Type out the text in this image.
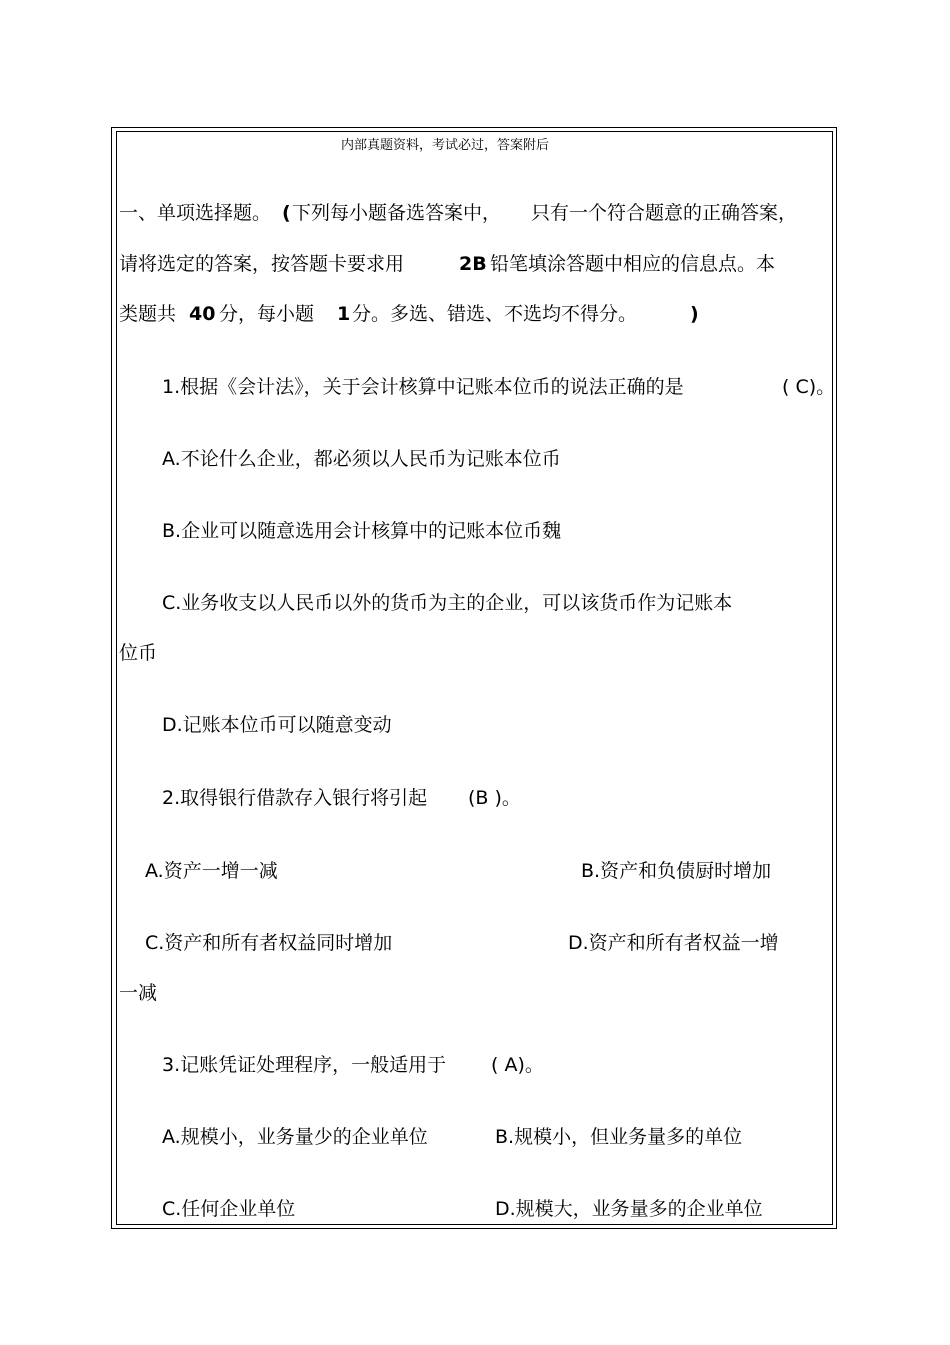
内部真题资料，考试必过，答案附后
一、单项选择题。 ( 下列每小题备选答案中， 只有一个符合题意的正确答案，
请将选定的答案，按答题卡要求用	2B 铅笔填涂答题中相应的信息点。本
类题共 40 分，每小题 1 分。多选、错选、不选均不得分。	)
1.根据《会计法》，关于会计核算中记账本位币的说法正确的是	( C)。
A.不论什么企业，都必须以人民币为记账本位币
B.企业可以随意选用会计核算中的记账本位币魏
C.业务收支以人民币以外的货币为主的企业，可以该货币作为记账本
位币
D.记账本位币可以随意变动
2.取得银行借款存入银行将引起 (B )。
A.资产一增一减	B.资产和负债厨时增加
C.资产和所有者权益同时增加	D.资产和所有者权益一增
一减
3.记账凭证处理程序，一般适用于 ( A)。
A.规模小，业务量少的企业单位	B.规模小，但业务量多的单位
C.任何企业单位	D.规模大，业务量多的企业单位
